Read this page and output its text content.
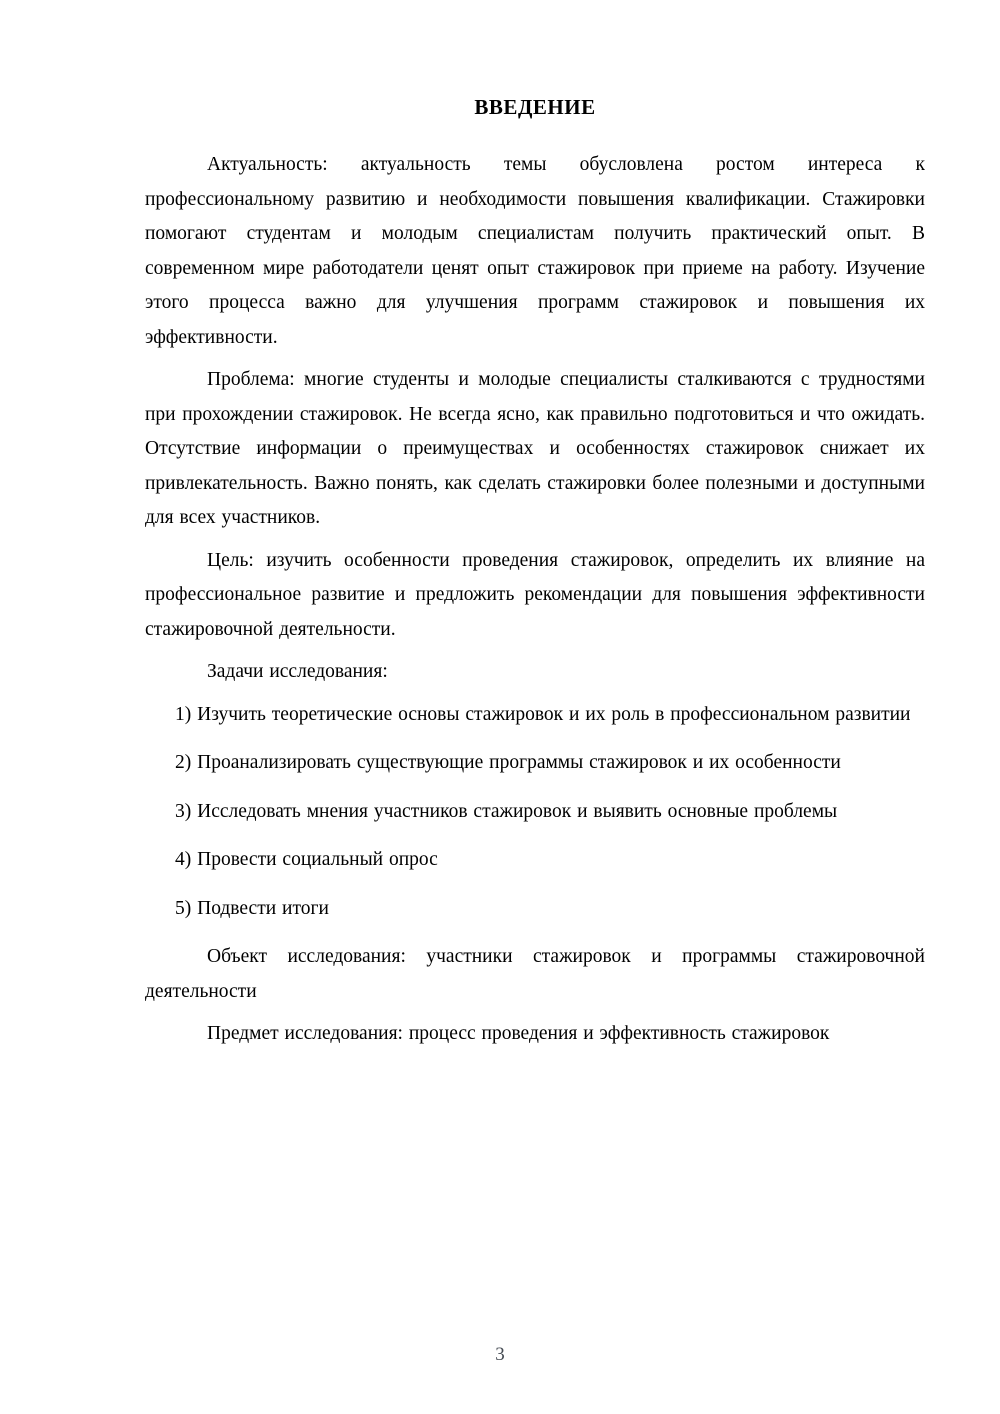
ВВЕДЕНИЕ

Актуальность: актуальность темы обусловлена ростом интереса к профессиональному развитию и необходимости повышения квалификации. Стажировки помогают студентам и молодым специалистам получить практический опыт. В современном мире работодатели ценят опыт стажировок при приеме на работу. Изучение этого процесса важно для улучшения программ стажировок и повышения их эффективности.

Проблема: многие студенты и молодые специалисты сталкиваются с трудностями при прохождении стажировок. Не всегда ясно, как правильно подготовиться и что ожидать. Отсутствие информации о преимуществах и особенностях стажировок снижает их привлекательность. Важно понять, как сделать стажировки более полезными и доступными для всех участников.

Цель: изучить особенности проведения стажировок, определить их влияние на профессиональное развитие и предложить рекомендации для повышения эффективности стажировочной деятельности.

Задачи исследования:

1) Изучить теоретические основы стажировок и их роль в профессиональном развитии

2) Проанализировать существующие программы стажировок и их особенности

3) Исследовать мнения участников стажировок и выявить основные проблемы

4) Провести социальный опрос

5) Подвести итоги

Объект исследования: участники стажировок и программы стажировочной деятельности

Предмет исследования: процесс проведения и эффективность стажировок

3
